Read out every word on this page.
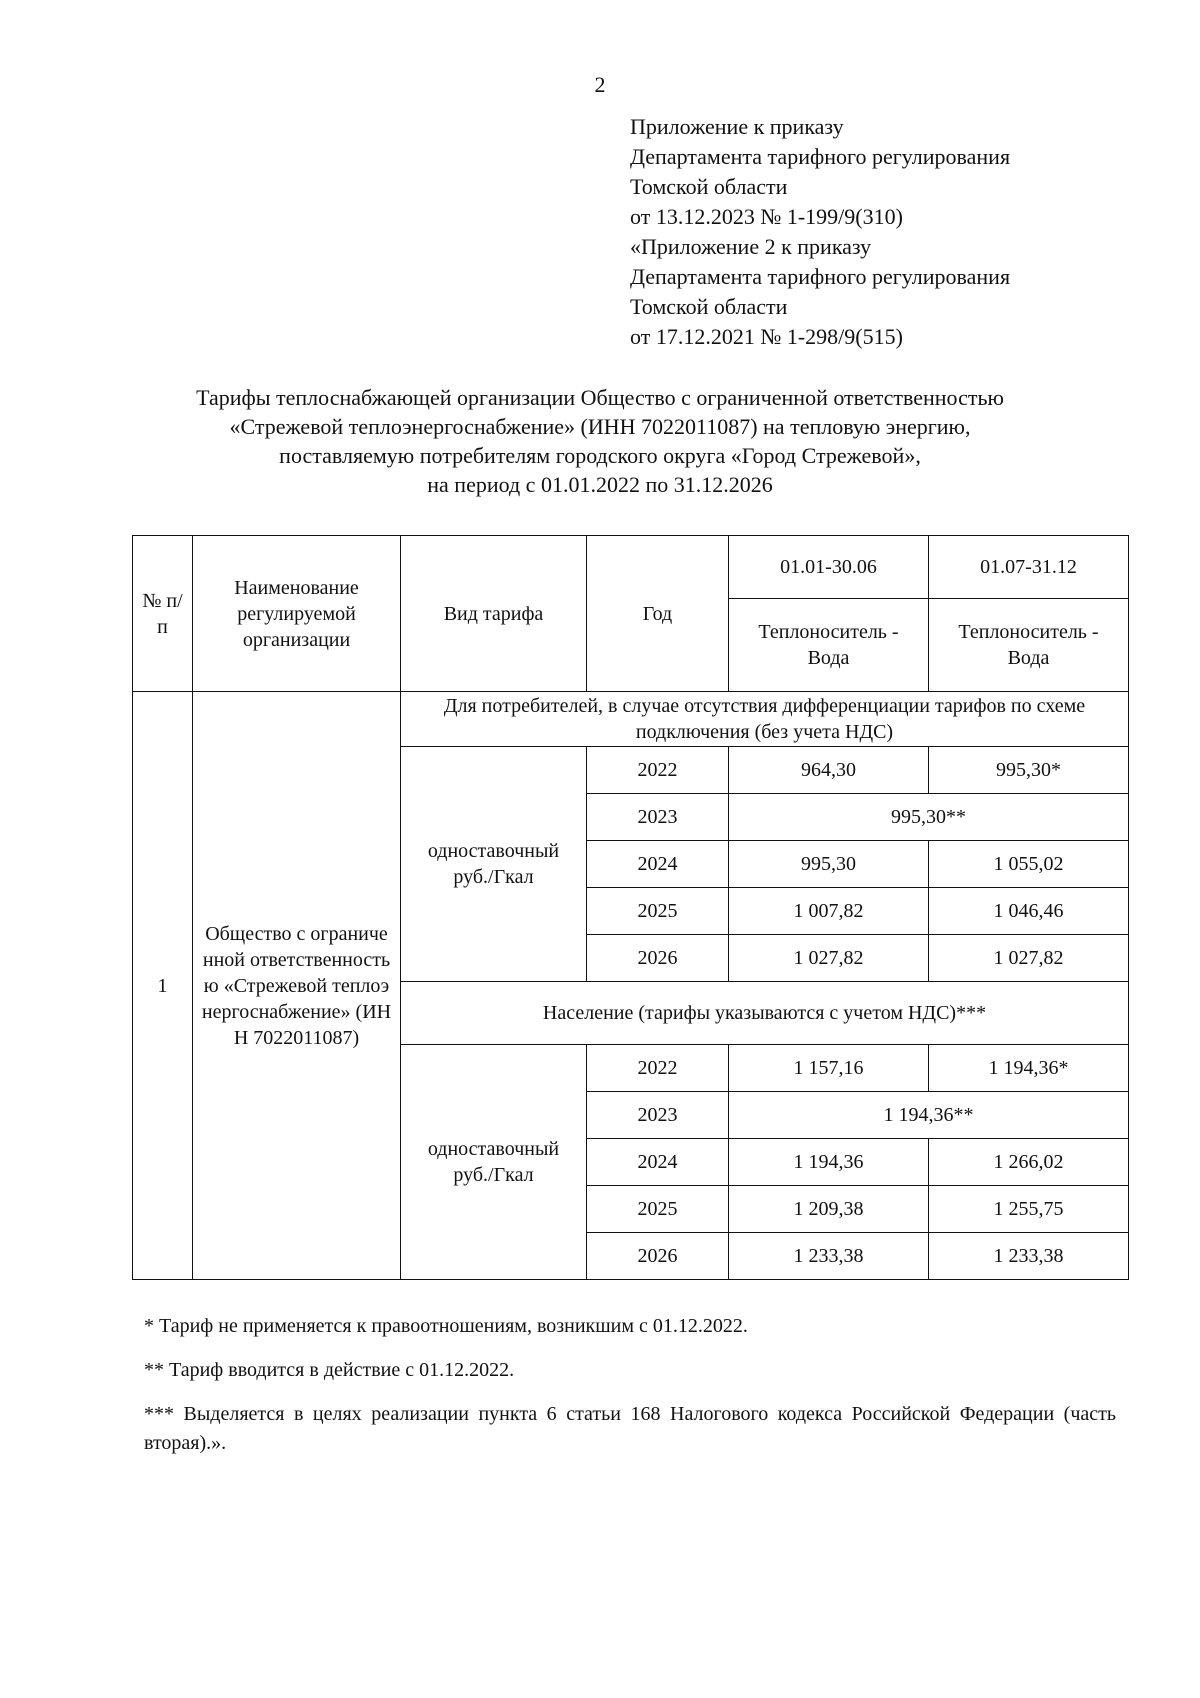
2
Приложение к приказу
Департамента тарифного регулирования
Томской области
от 13.12.2023 № 1-199/9(310)
«Приложение 2 к приказу
Департамента тарифного регулирования
Томской области
от 17.12.2021 № 1-298/9(515)
Тарифы теплоснабжающей организации Общество с ограниченной ответственностью
«Стрежевой теплоэнергоснабжение» (ИНН 7022011087) на тепловую энергию,
поставляемую потребителям городского округа «Город Стрежевой»,
на период с 01.01.2022 по 31.12.2026
№ п/п	Наименование регулируемой организации	Вид тарифа	Год	01.01-30.06	01.07-31.12
				Теплоноситель - Вода	Теплоноситель - Вода
1	Общество с ограниченной ответственностью «Стрежевой теплоэнергоснабжение» (ИНН 7022011087)	Для потребителей, в случае отсутствия дифференциации тарифов по схеме подключения (без учета НДС)			
		одноставочный руб./Гкал	2022	964,30	995,30*
			2023	995,30**	
			2024	995,30	1 055,02
			2025	1 007,82	1 046,46
			2026	1 027,82	1 027,82
		Население (тарифы указываются с учетом НДС)***			
		одноставочный руб./Гкал	2022	1 157,16	1 194,36*
			2023	1 194,36**	
			2024	1 194,36	1 266,02
			2025	1 209,38	1 255,75
			2026	1 233,38	1 233,38

* Тариф не применяется к правоотношениям, возникшим с 01.12.2022.

** Тариф вводится в действие с 01.12.2022.

*** Выделяется в целях реализации пункта 6 статьи 168 Налогового кодекса Российской Федерации (часть вторая).».
